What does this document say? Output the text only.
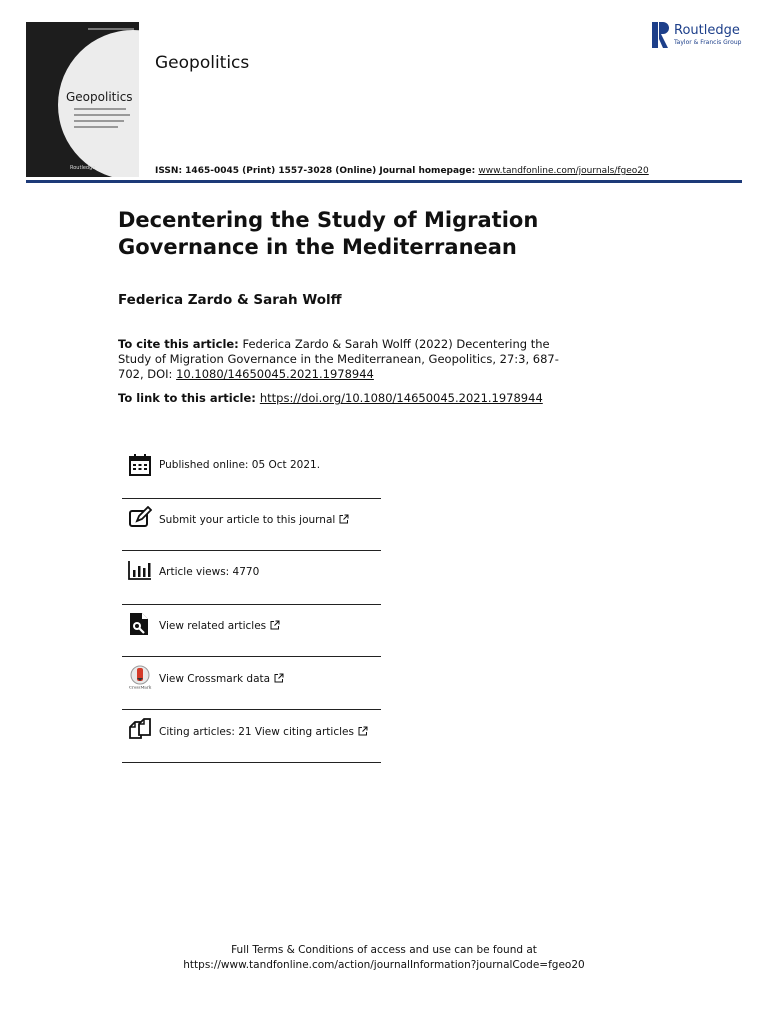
Geopolitics
Routledge
Geopolitics
ISSN: 1465-0045 (Print) 1557-3028 (Online) Journal homepage: www.tandfonline.com/journals/fgeo20
Routledge
Taylor & Francis Group
Decentering the Study of Migration Governance in the Mediterranean
Federica Zardo & Sarah Wolff
To cite this article: Federica Zardo & Sarah Wolff (2022) Decentering the Study of Migration Governance in the Mediterranean, Geopolitics, 27:3, 687-702, DOI: 10.1080/14650045.2021.1978944
To link to this article: https://doi.org/10.1080/14650045.2021.1978944
Published online: 05 Oct 2021.
Submit your article to this journal
Article views: 4770
View related articles
CrossMark
View Crossmark data
Citing articles: 21 View citing articles
Full Terms & Conditions of access and use can be found at
https://www.tandfonline.com/action/journalInformation?journalCode=fgeo20
